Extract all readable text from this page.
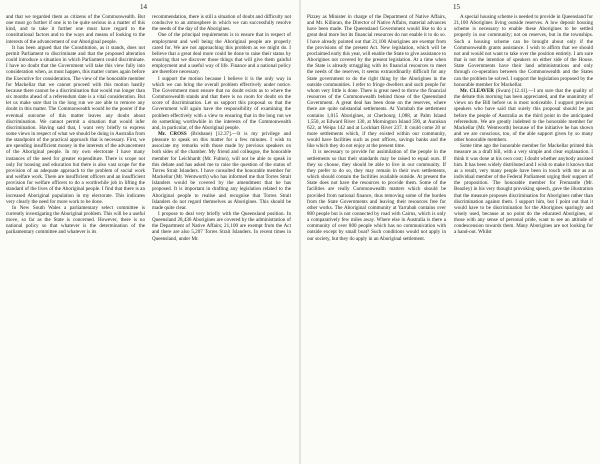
14

and that we regarded them as citizens of the Commonwealth. But one must go further if one is to be quite serious in a matter of this kind, and to take it further one must have regard to the constitutional factors and to the ways and means of looking to the interests of the advancement of our Aboriginal people.

It has been argued that the Constitution, as it stands, does not permit Parliament to discriminate and that the proposed alteration could introduce a situation in which Parliament could discriminate. I have no doubt that the Government will take this view fully into consideration when, as must happen, this matter comes again before the Executive for consideration. The view of the honorable member for Mackellar that we cannot proceed with this motion hastily because there cannot be a discrimination that would run longer than six months ahead of a referendum date is a vital consideration. But let us make sure that in the long run we are able to remove any doubt in this matter. The Commonwealth would be the poorer if the eventual outcome of this matter leaves any doubt about discrimination. We cannot permit a situation that would infer discrimination. Having said that, I want very briefly to express some views in respect of what we should be doing in Australia from the standpoint of the practical approach that is necessary. First, we are spending insufficient money in the interests of the advancement of the Aboriginal people. In my own electorate I have many instances of the need for greater expenditure. There is scope not only for housing and education but there is also vast scope for the provision of an adequate approach to the problem of social work and welfare work. There are insufficient officers and an insufficient provision for welfare officers to do a worthwhile job in lifting the standard of the lives of the Aboriginal people. I find that there is an increased Aboriginal population in my electorate. This indicates very clearly the need for more work to be done.

In New South Wales a parliamentary select committee is currently investigating the Aboriginal problem. This will be a useful move, so far as the State is concerned. However, there is no national policy so that whatever is the determination of the parliamentary committee and whatever is its

recommendation, there is still a situation of doubt and difficulty not conducive to an atmosphere in which we can successfully resolve the needs of the day of the Aborigines.

One of the principal requirements is to ensure that in respect of employment and well being the Aboriginal people are properly cared for. We are not approaching this problem as we might do. I believe that a great deal more could be done to raise their status by ensuring that we discover those things that will give them gainful employment and a useful way of life. Finance and a national policy are therefore necessary.

I support the motion because I believe it is the only way in which we can bring the overall problem effectively under notice. The Government must ensure that no doubt exists as to where the Commonwealth stands and that there is no room for doubt on the score of discrimination. Let us support this proposal so that the Government will again have the responsibility of examining the problem effectively with a view to ensuring that in the long run we do something worthwhile in the interests of the Commonwealth and, in particular, of the Aboriginal people.

Mr. CROSS (Brisbane) [12.37].—It is my privilege and pleasure to speak on this matter for a few minutes. I wish to associate my remarks with those made by previous speakers on both sides of the chamber. My friend and colleague, the honorable member for Leichhardt (Mr. Fulton), will not be able to speak in this debate and has asked me to raise the question of the status of Torres Strait Islanders. I have consulted the honorable member for Mackellar (Mr. Wentworth) who has informed me that Torres Strait Islanders would be covered by the amendment that he has proposed. It is important in drafting any legislation related to the Aboriginal people to realise and recognise that Torres Strait Islanders do not regard themselves as Aborigines. This should be made quite clear.

I propose to deal very briefly with the Queensland position. In Queensland 28,436 Aborigines are covered by the administration of the Department of Native Affairs; 21,100 are exempt from the Act and there are also 5,207 Torres Strait Islanders. In recent times in Queensland, under Mr.

15

Pizzey as Minister in charge of the Department of Native Affairs, and Mr. Killoran, the Director of Native Affairs, material advances have been made. The Queensland Government would like to do a great deal more but its financial resources do not enable it to do so. I have already pointed out that 21,100 Aborigines are exempt from the provisions of the present Act. New legislation, which will be proclaimed early this year, will enable the State to give assistance to Aborigines not covered by the present legislation. At a time when the State is already struggling with its financial resources to meet the needs of the reserves, it seems extraordinarily difficult for any State government to do the right thing by the Aborigines in the outside communities. I refer to fringe dwellers and such people for whom very little is done. There is great need to throw the financial resources of the Commonwealth behind those of the Queensland Government. A great deal has been done on the reserves, where there are quite substantial settlements. At Yarrabah the settlement contains 1,015 Aborigines, at Cherbourg 1,088, at Palm Island 1,550, at Edward River 130, at Mornington Island 590, at Aurukun 622, at Weipa 142 and at Lockhart River 237. It could come 20 or more settlements which, if they existed within our community, would have facilities such as post offices, savings banks and the like which they do not enjoy at the present time.

It is necessary to provide for assimilation of the people in the settlements so that their standards may be raised to equal ours. If they so choose, they should be able to live in our community. If they prefer to do so, they may remain in their own settlements, which should contain the facilities available outside. At present the State does not have the resources to provide them. Some of the facilities are really Commonwealth matters which should be provided from national finance, thus removing some of the burden from the State Governments and leaving their resources free for other works. The Aboriginal community at Yarrabah contains over 800 people but is not connected by road with Cairns, which is only a comparatively few miles away. Where else in Australia is there a community of over 800 people which has no communication with outside except by small boat? Such conditions would not apply in our society, but they do apply in an Aboriginal settlement.

A special housing scheme is needed to provide in Queensland for 21,100 Aborigines living outside reserves. A low deposit housing scheme is necessary to enable these Aborigines to be settled properly in our community; not on reserves, but in the townships. Such a housing scheme can be brought about only if the Commonwealth grants assistance. I wish to affirm that we should not and would not want to take over the position entirely. I am sure that is not the intention of speakers on either side of the House. State Governments have their land administrations and only through co-operation between the Commonwealth and the States can the problem be solved. I support the legislation proposed by the honorable member for Mackellar.

Mr. CLEAVER (Swan) [12.41].—I am sure that the quality of the debate this morning has been appreciated, and the unanimity of views on the Bill before us is most noticeable. I support previous speakers who have said that surely this proposal should be put before the people of Australia as the third point in the anticipated referendum. We are greatly indebted to the honorable member for Mackellar (Mr. Wentworth) because of the initiative he has shown and we are conscious, too, of the able support given by so many other honorable members.

Some time ago the honorable member for Mackellar printed this measure as a draft bill, with a very simple and clear explanation. I think it was done at his own cost; I doubt whether anybody assisted him. It has been widely distributed and I wish to make it known that as a result, very many people have been in touch with me as an individual member of the Federal Parliament urging their support of the proposition. The honorable member for Fremantle (Mr. Beazley) in his very thought provoking speech, gave the illustration that the measure proposes discrimination for Aborigines rather than discrimination against them. I support him, but I point out that it would have to be discrimination for the Aborigines sparingly and wisely used, because at no point do the educated Aborigines, or those with any sense of personal pride, want to see an attitude of condescension towards them. Many Aborigines are not looking for a hand-out. Whilst
